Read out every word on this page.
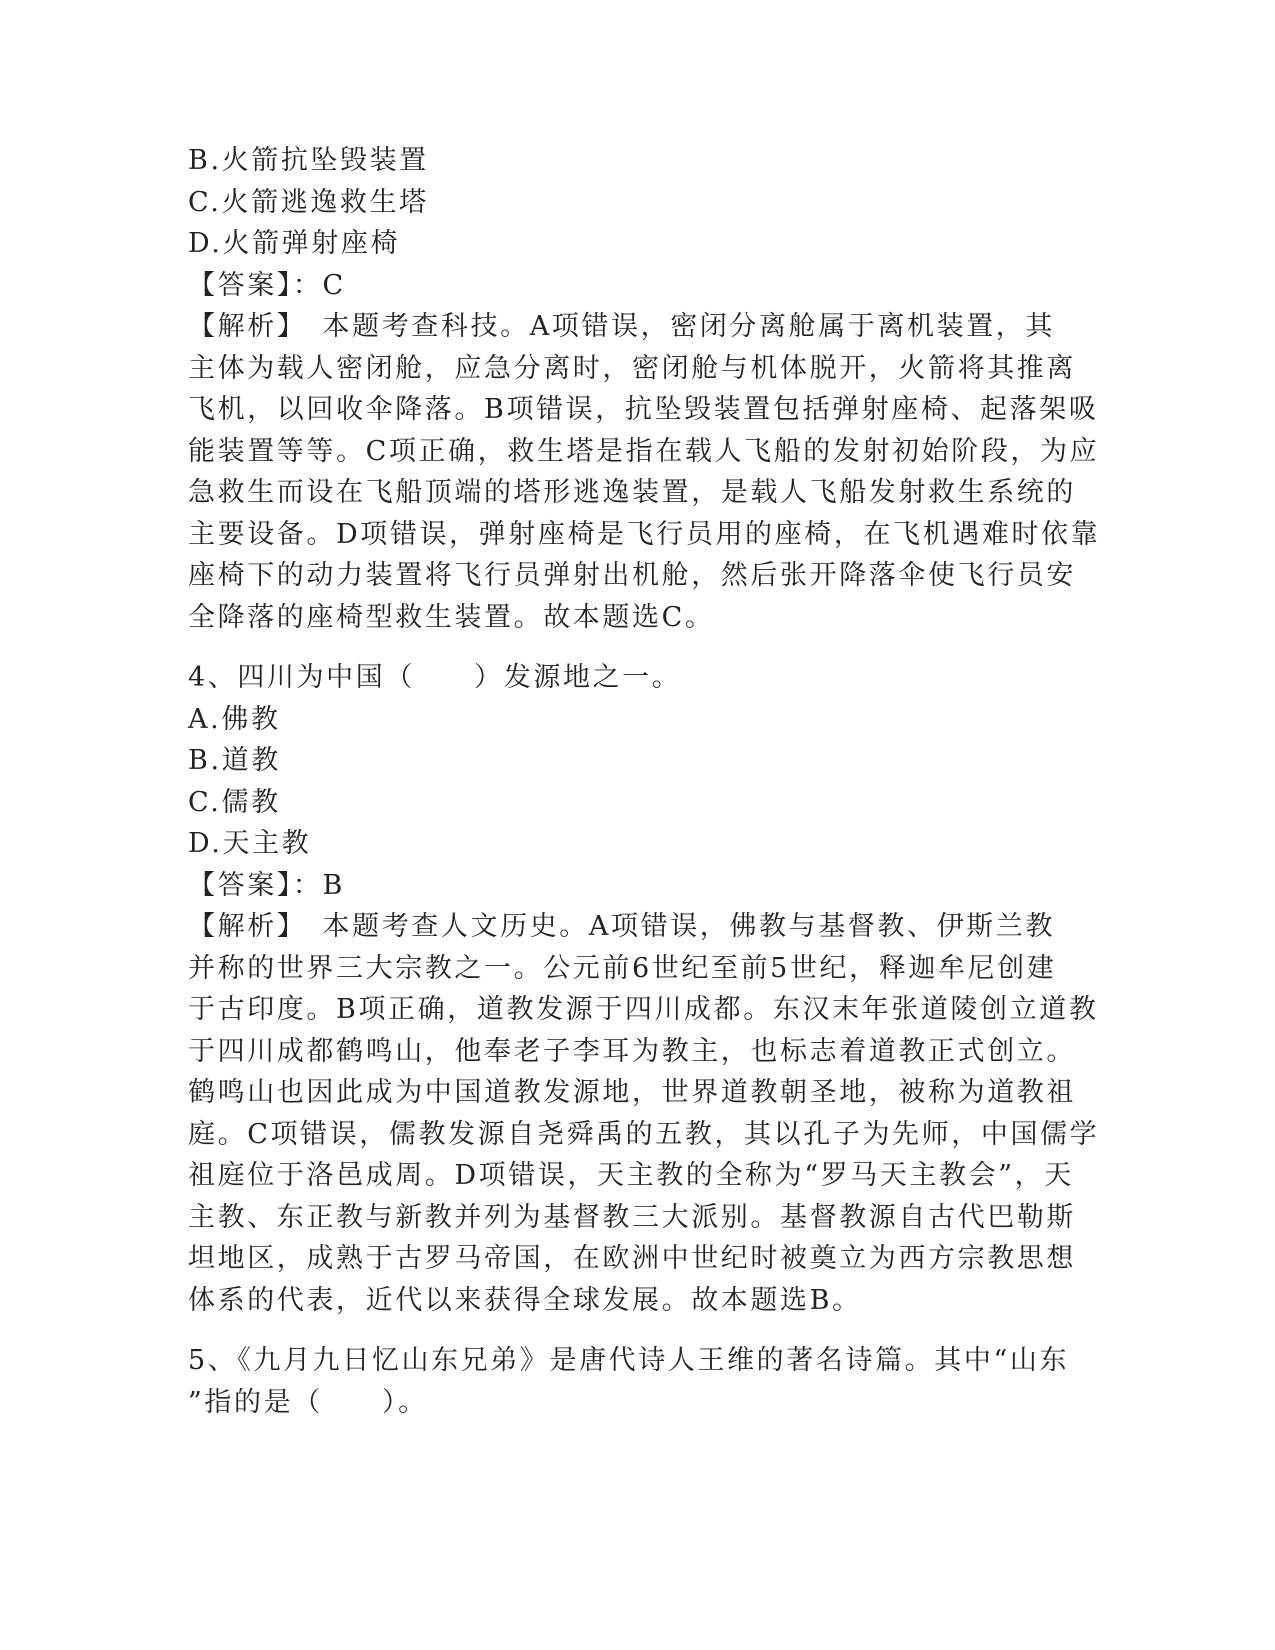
B.火箭抗坠毁装置
C.火箭逃逸救生塔
D.火箭弹射座椅
【答案】：C
【解析】　本题考查科技。A项错误，密闭分离舱属于离机装置，其
主体为载人密闭舱，应急分离时，密闭舱与机体脱开，火箭将其推离
飞机，以回收伞降落。B项错误，抗坠毁装置包括弹射座椅、起落架吸
能装置等等。C项正确，救生塔是指在载人飞船的发射初始阶段，为应
急救生而设在飞船顶端的塔形逃逸装置，是载人飞船发射救生系统的
主要设备。D项错误，弹射座椅是飞行员用的座椅，在飞机遇难时依靠
座椅下的动力装置将飞行员弹射出机舱，然后张开降落伞使飞行员安
全降落的座椅型救生装置。故本题选C。
4、四川为中国（　　）发源地之一。
A.佛教
B.道教
C.儒教
D.天主教
【答案】：B
【解析】　本题考查人文历史。A项错误，佛教与基督教、伊斯兰教
并称的世界三大宗教之一。公元前6世纪至前5世纪，释迦牟尼创建
于古印度。B项正确，道教发源于四川成都。东汉末年张道陵创立道教
于四川成都鹤鸣山，他奉老子李耳为教主，也标志着道教正式创立。
鹤鸣山也因此成为中国道教发源地，世界道教朝圣地，被称为道教祖
庭。C项错误，儒教发源自尧舜禹的五教，其以孔子为先师，中国儒学
祖庭位于洛邑成周。D项错误，天主教的全称为“罗马天主教会”，天
主教、东正教与新教并列为基督教三大派别。基督教源自古代巴勒斯
坦地区，成熟于古罗马帝国，在欧洲中世纪时被奠立为西方宗教思想
体系的代表，近代以来获得全球发展。故本题选B。
5、《九月九日忆山东兄弟》是唐代诗人王维的著名诗篇。其中“山东
”指的是（　　）。
